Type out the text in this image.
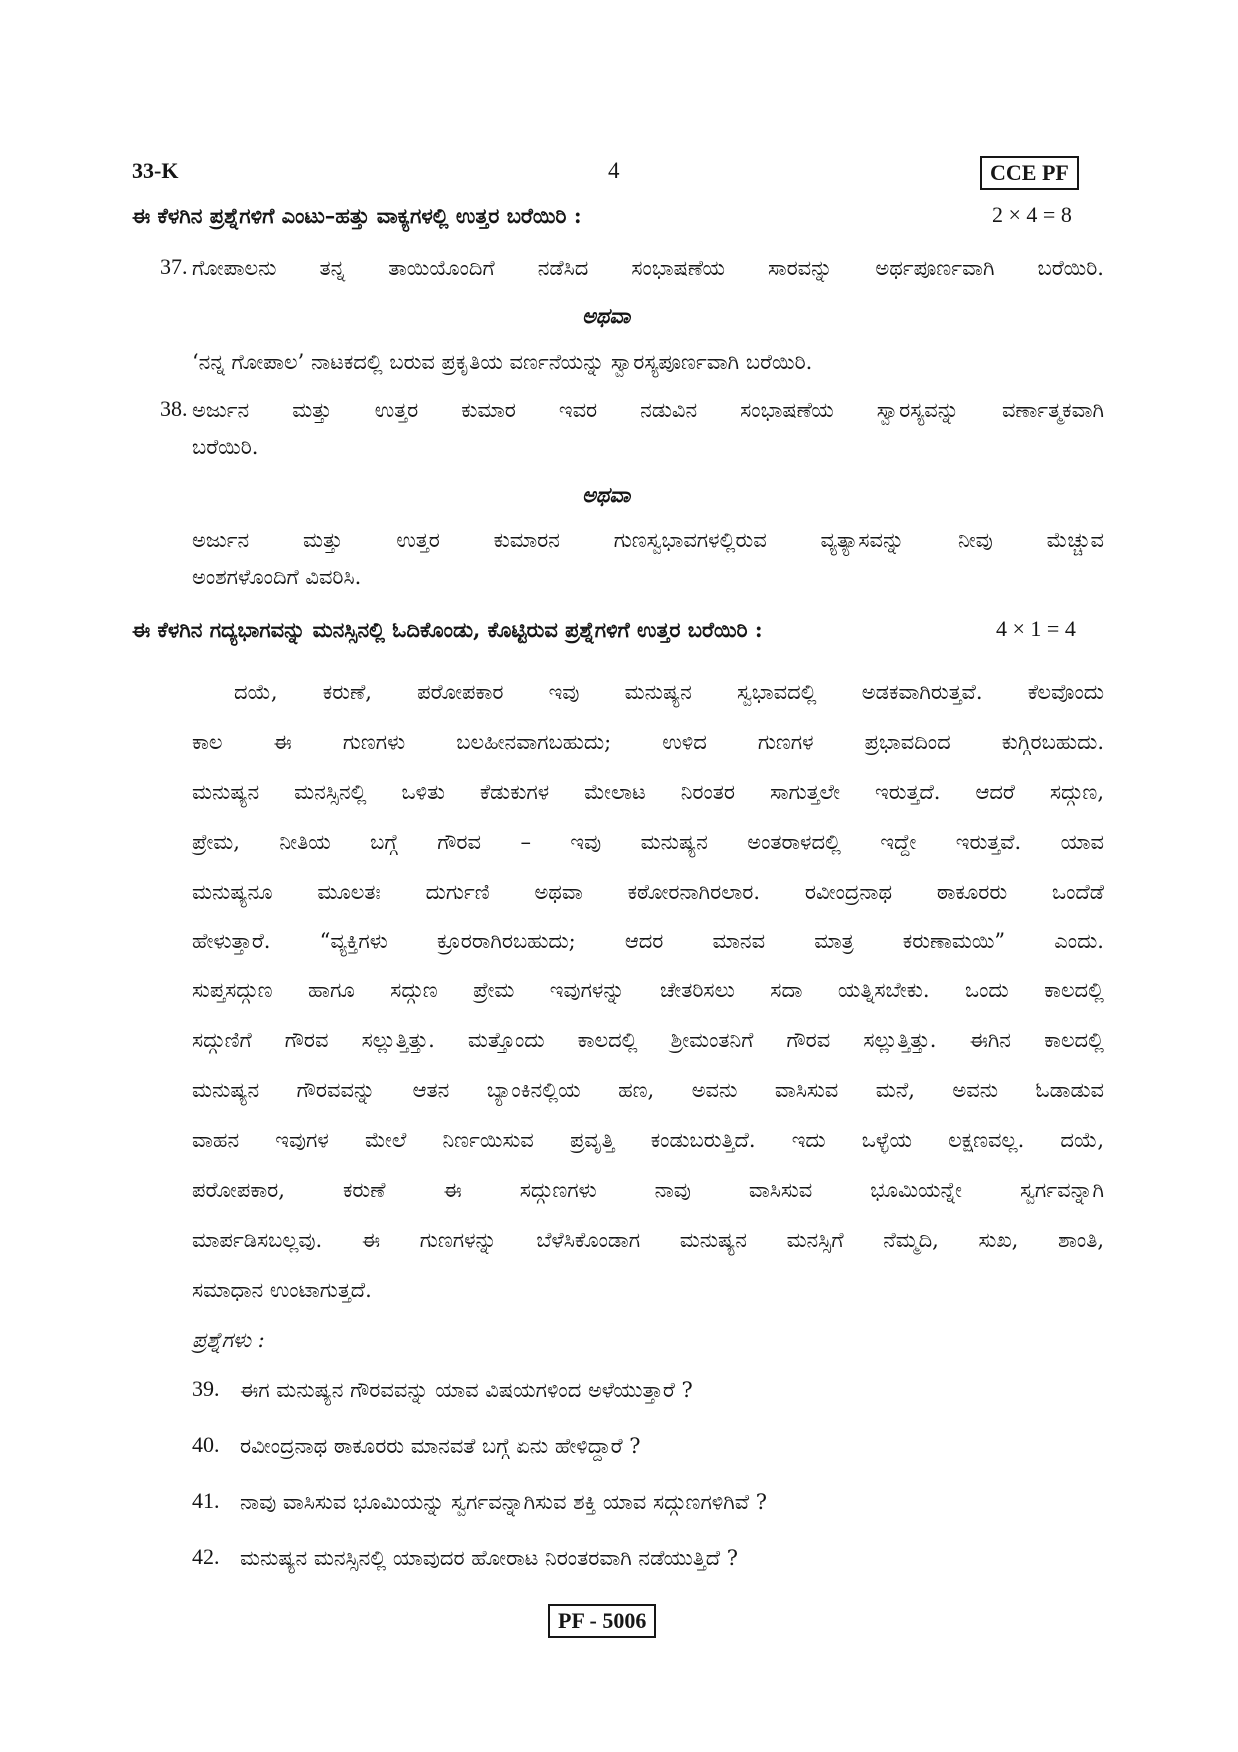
33-K	4	CCE PF
ಈ ಕೆಳಗಿನ ಪ್ರಶ್ನೆಗಳಿಗೆ ಎಂಟು–ಹತ್ತು ವಾಕ್ಯಗಳಲ್ಲಿ ಉತ್ತರ ಬರೆಯಿರಿ :	2 × 4 = 8
37. ಗೋಪಾಲನು ತನ್ನ ತಾಯಿಯೊಂದಿಗೆ ನಡೆಸಿದ ಸಂಭಾಷಣೆಯ ಸಾರವನ್ನು ಅರ್ಥಪೂರ್ಣವಾಗಿ ಬರೆಯಿರಿ.
ಅಥವಾ
‘ನನ್ನ ಗೋಪಾಲ’ ನಾಟಕದಲ್ಲಿ ಬರುವ ಪ್ರಕೃತಿಯ ವರ್ಣನೆಯನ್ನು ಸ್ವಾರಸ್ಯಪೂರ್ಣವಾಗಿ ಬರೆಯಿರಿ.
38. ಅರ್ಜುನ ಮತ್ತು ಉತ್ತರ ಕುಮಾರ ಇವರ ನಡುವಿನ ಸಂಭಾಷಣೆಯ ಸ್ವಾರಸ್ಯವನ್ನು ವರ್ಣಾತ್ಮಕವಾಗಿ
ಬರೆಯಿರಿ.
ಅಥವಾ
ಅರ್ಜುನ ಮತ್ತು ಉತ್ತರ ಕುಮಾರನ ಗುಣಸ್ವಭಾವಗಳಲ್ಲಿರುವ ವ್ಯತ್ಯಾಸವನ್ನು ನೀವು ಮೆಚ್ಚುವ
ಅಂಶಗಳೊಂದಿಗೆ ವಿವರಿಸಿ.
ಈ ಕೆಳಗಿನ ಗದ್ಯಭಾಗವನ್ನು ಮನಸ್ಸಿನಲ್ಲಿ ಓದಿಕೊಂಡು, ಕೊಟ್ಟಿರುವ ಪ್ರಶ್ನೆಗಳಿಗೆ ಉತ್ತರ ಬರೆಯಿರಿ :	4 × 1 = 4
ದಯೆ, ಕರುಣೆ, ಪರೋಪಕಾರ ಇವು ಮನುಷ್ಯನ ಸ್ವಭಾವದಲ್ಲಿ ಅಡಕವಾಗಿರುತ್ತವೆ. ಕೆಲವೊಂದು
ಕಾಲ ಈ ಗುಣಗಳು ಬಲಹೀನವಾಗಬಹುದು; ಉಳಿದ ಗುಣಗಳ ಪ್ರಭಾವದಿಂದ ಕುಗ್ಗಿರಬಹುದು.
ಮನುಷ್ಯನ ಮನಸ್ಸಿನಲ್ಲಿ ಒಳಿತು ಕೆಡುಕುಗಳ ಮೇಲಾಟ ನಿರಂತರ ಸಾಗುತ್ತಲೇ ಇರುತ್ತದೆ. ಆದರೆ ಸದ್ಗುಣ,
ಪ್ರೇಮ, ನೀತಿಯ ಬಗ್ಗೆ ಗೌರವ – ಇವು ಮನುಷ್ಯನ ಅಂತರಾಳದಲ್ಲಿ ಇದ್ದೇ ಇರುತ್ತವೆ. ಯಾವ
ಮನುಷ್ಯನೂ ಮೂಲತಃ ದುರ್ಗುಣಿ ಅಥವಾ ಕಠೋರನಾಗಿರಲಾರ. ರವೀಂದ್ರನಾಥ ಠಾಕೂರರು ಒಂದೆಡೆ
ಹೇಳುತ್ತಾರೆ. “ವ್ಯಕ್ತಿಗಳು ಕ್ರೂರರಾಗಿರಬಹುದು; ಆದರ ಮಾನವ ಮಾತ್ರ ಕರುಣಾಮಯಿ” ಎಂದು.
ಸುಪ್ತಸದ್ಗುಣ ಹಾಗೂ ಸದ್ಗುಣ ಪ್ರೇಮ ಇವುಗಳನ್ನು ಚೇತರಿಸಲು ಸದಾ ಯತ್ನಿಸಬೇಕು. ಒಂದು ಕಾಲದಲ್ಲಿ
ಸದ್ಗುಣಿಗೆ ಗೌರವ ಸಲ್ಲುತ್ತಿತ್ತು. ಮತ್ತೊಂದು ಕಾಲದಲ್ಲಿ ಶ್ರೀಮಂತನಿಗೆ ಗೌರವ ಸಲ್ಲುತ್ತಿತ್ತು. ಈಗಿನ ಕಾಲದಲ್ಲಿ
ಮನುಷ್ಯನ ಗೌರವವನ್ನು ಆತನ ಬ್ಯಾಂಕಿನಲ್ಲಿಯ ಹಣ, ಅವನು ವಾಸಿಸುವ ಮನೆ, ಅವನು ಓಡಾಡುವ
ವಾಹನ ಇವುಗಳ ಮೇಲೆ ನಿರ್ಣಯಿಸುವ ಪ್ರವೃತ್ತಿ ಕಂಡುಬರುತ್ತಿದೆ. ಇದು ಒಳ್ಳೆಯ ಲಕ್ಷಣವಲ್ಲ. ದಯೆ,
ಪರೋಪಕಾರ, ಕರುಣೆ ಈ ಸದ್ಗುಣಗಳು ನಾವು ವಾಸಿಸುವ ಭೂಮಿಯನ್ನೇ ಸ್ವರ್ಗವನ್ನಾಗಿ
ಮಾರ್ಪಡಿಸಬಲ್ಲವು. ಈ ಗುಣಗಳನ್ನು ಬೆಳೆಸಿಕೊಂಡಾಗ ಮನುಷ್ಯನ ಮನಸ್ಸಿಗೆ ನೆಮ್ಮದಿ, ಸುಖ, ಶಾಂತಿ,
ಸಮಾಧಾನ ಉಂಟಾಗುತ್ತದೆ.
ಪ್ರಶ್ನೆಗಳು :
39. ಈಗ ಮನುಷ್ಯನ ಗೌರವವನ್ನು ಯಾವ ವಿಷಯಗಳಿಂದ ಅಳೆಯುತ್ತಾರೆ ?
40. ರವೀಂದ್ರನಾಥ ಠಾಕೂರರು ಮಾನವತೆ ಬಗ್ಗೆ ಏನು ಹೇಳಿದ್ದಾರೆ ?
41. ನಾವು ವಾಸಿಸುವ ಭೂಮಿಯನ್ನು ಸ್ವರ್ಗವನ್ನಾಗಿಸುವ ಶಕ್ತಿ ಯಾವ ಸದ್ಗುಣಗಳಿಗಿವೆ ?
42. ಮನುಷ್ಯನ ಮನಸ್ಸಿನಲ್ಲಿ ಯಾವುದರ ಹೋರಾಟ ನಿರಂತರವಾಗಿ ನಡೆಯುತ್ತಿದೆ ?
PF - 5006
